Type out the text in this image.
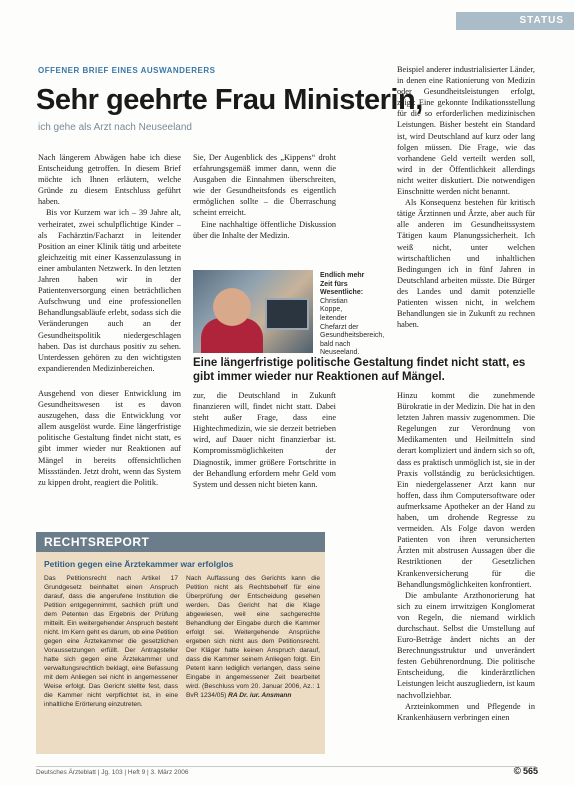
STATUS
OFFENER BRIEF EINES AUSWANDERERS
Sehr geehrte Frau Ministerin,
ich gehe als Arzt nach Neuseeland

Nach längerem Abwägen habe ich diese Entscheidung getroffen. In diesem Brief möchte ich Ihnen erläutern, welche Gründe zu diesem Entschluss geführt haben.

Bis vor Kurzem war ich – 39 Jahre alt, verheiratet, zwei schulpflichtige Kinder – als Fachärztin/Facharzt in leitender Position an einer Klinik tätig und arbeitete gleichzeitig mit einer Kassenzulassung in einer ambulanten Netzwerk. In den letzten Jahren haben wir in der Patientenversorgung einen beträchtlichen Aufschwung und eine professionellen Behandlungsabläufe erlebt, sodass sich die Veränderungen auch an der Gesundheitspolitik niedergeschlagen haben. Das ist durchaus positiv zu sehen. Unterdessen gehören zu den wichtigsten expandierenden Medizinbereichen.

Sie, Der Augenblick des „Kippens“ droht erfahrungsgemäß immer dann, wenn die Ausgaben die Einnahmen überschreiten, wie der Gesundheitsfonds es eigentlich ermöglichen sollte – die Überraschung scheint erreicht.

Eine nachhaltige öffentliche Diskussion über die Inhalte der Medizin.

Beispiel anderer industrialisierter Länder, in denen eine Rationierung von Medizin oder Gesundheitsleistungen erfolgt, zeigt: Eine gekonnte Indikationsstellung für die so erforderlichen medizinischen Leistungen. Bisher besteht ein Standard ist, wird Deutschland auf kurz oder lang folgen müssen. Die Frage, wie das vorhandene Geld verteilt werden soll, wird in der Öffentlichkeit allerdings nicht weiter diskutiert. Die notwendigen Einschnitte werden nicht benannt.

Als Konsequenz bestehen für kritisch tätige Ärztinnen und Ärzte, aber auch für alle anderen im Gesundheitssystem Tätigen kaum Planungssicherheit. Ich weiß nicht, unter welchen wirtschaftlichen und inhaltlichen Bedingungen ich in fünf Jahren in Deutschland arbeiten müsste. Die Bürger des Landes und damit potenzielle Patienten wissen nicht, in welchem Behandlungen sie in Zukunft zu rechnen haben.

Endlich mehr Zeit fürs Wesentliche:
Christian Koppe, leitender Chefarzt der Gesundheitsbereich, bald nach Neuseeland.
Eine längerfristige politische Gestaltung findet nicht statt, es gibt immer wieder nur Reaktionen auf Mängel.

Ausgehend von dieser Entwicklung im Gesundheitswesen ist es davon auszugehen, dass die Entwicklung vor allem ausgelöst wurde. Eine längerfristige politische Gestaltung findet nicht statt, es gibt immer wieder nur Reaktionen auf Mängel in bereits offensichtlichen Missständen. Jetzt droht, wenn das System zu kippen droht, reagiert die Politik.

zur, die Deutschland in Zukunft finanzieren will, findet nicht statt. Dabei steht außer Frage, dass eine Hightechmedizin, wie sie derzeit betrieben wird, auf Dauer nicht finanzierbar ist. Kompromissmöglichkeiten der Diagnostik, immer größere Fortschritte in der Behandlung erfordern mehr Geld vom System und dessen nicht bieten kann.

Hinzu kommt die zunehmende Bürokratie in der Medizin. Die hat in den letzten Jahren massiv zugenommen. Die Regelungen zur Verordnung von Medikamenten und Heilmitteln sind derart kompliziert und ändern sich so oft, dass es praktisch unmöglich ist, sie in der Praxis vollständig zu berücksichtigen. Ein niedergelassener Arzt kann nur hoffen, dass ihm Computersoftware oder aufmerksame Apotheker an der Hand zu haben, um drohende Regresse zu vermeiden. Als Folge davon werden Patienten von ihren verunsicherten Ärzten mit abstrusen Aussagen über die Restriktionen der Gesetzlichen Krankenversicherung für die Behandlungsmöglichkeiten konfrontiert.

Die ambulante Arzthonorierung hat sich zu einem irrwitzigen Konglomerat von Regeln, die niemand wirklich durchschaut. Selbst die Umstellung auf Euro-Beträge ändert nichts an der Berechnungsstruktur und unverändert festen Gebührenordnung. Die politische Entscheidung, die kinderärztlichen Leistungen leicht auszugliedern, ist kaum nachvollziehbar.

Arzteinkommen und Pflegende in Krankenhäusern verbringen einen

RECHTSREPORT
Petition gegen eine Ärztekammer war erfolglos
Das Petitionsrecht nach Artikel 17 Grundgesetz beinhaltet einen Anspruch darauf, dass die angerufene Institution die Petition entgegennimmt, sachlich prüft und dem Petenten das Ergebnis der Prüfung mitteilt. Ein weitergehender Anspruch besteht nicht. Im Kern geht es darum, ob eine Petition gegen eine Ärztekammer die gesetzlichen Voraussetzungen erfüllt. Der Antragsteller hatte sich gegen eine Ärztekammer und verwaltungsrechtlich beklagt, eine Befassung mit dem Anliegen sei nicht in angemessener Weise erfolgt. Das Gericht stellte fest, dass die Kammer nicht verpflichtet ist, in eine inhaltliche Erörterung einzutreten.
Nach Auffassung des Gerichts kann die Petition nicht als Rechtsbehelf für eine Überprüfung der Entscheidung gesehen werden. Das Gericht hat die Klage abgewiesen, weil eine sachgerechte Behandlung der Eingabe durch die Kammer erfolgt sei. Weitergehende Ansprüche ergeben sich nicht aus dem Petitionsrecht. Der Kläger hatte keinen Anspruch darauf, dass die Kammer seinem Anliegen folgt. Ein Petent kann lediglich verlangen, dass seine Eingabe in angemessener Zeit bearbeitet wird. (Beschluss vom 20. Januar 2006, Az.: 1 BvR 1234/05) RA Dr. iur. Ansmann
Deutsches Ärzteblatt | Jg. 103 | Heft 9 | 3. März 2006	© 565
